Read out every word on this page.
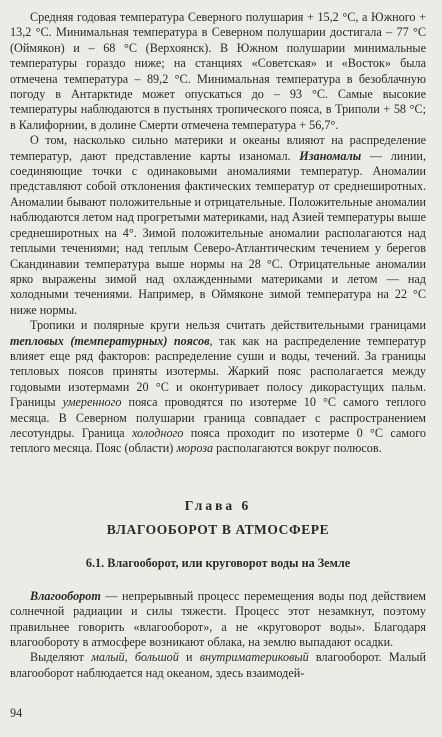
Средняя годовая температура Северного полушария + 15,2 °С, а Южного + 13,2 °С. Минимальная температура в Северном полушарии достигала – 77 °С (Оймякон) и – 68 °С (Верхоянск). В Южном полушарии минимальные температуры гораздо ниже; на станциях «Советская» и «Восток» была отмечена температура – 89,2 °С. Минимальная температура в безоблачную погоду в Антарктиде может опускаться до – 93 °С. Самые высокие температуры наблюдаются в пустынях тропического пояса, в Триполи + 58 °С; в Калифорнии, в долине Смерти отмечена температура + 56,7°.

О том, насколько сильно материки и океаны влияют на распределение температур, дают представление карты изаномал. Изаномалы — линии, соединяющие точки с одинаковыми аномалиями температур. Аномалии представляют собой отклонения фактических температур от среднеширотных. Аномалии бывают положительные и отрицательные. Положительные аномалии наблюдаются летом над прогретыми материками, над Азией температуры выше среднеширотных на 4°. Зимой положительные аномалии располагаются над теплыми течениями; над теплым Северо-Атлантическим течением у берегов Скандинавии температура выше нормы на 28 °С. Отрицательные аномалии ярко выражены зимой над охлажденными материками и летом — над холодными течениями. Например, в Оймяконе зимой температура на 22 °С ниже нормы.

Тропики и полярные круги нельзя считать действительными границами тепловых (температурных) поясов, так как на распределение температур влияет еще ряд факторов: распределение суши и воды, течений. За границы тепловых поясов приняты изотермы. Жаркий пояс располагается между годовыми изотермами 20 °С и оконтуривает полосу дикорастущих пальм. Границы умеренного пояса проводятся по изотерме 10 °С самого теплого месяца. В Северном полушарии граница совпадает с распространением лесотундры. Граница холодного пояса проходит по изотерме 0 °С самого теплого месяца. Пояс (области) мороза располагаются вокруг полюсов.

Глава 6
ВЛАГООБОРОТ В АТМОСФЕРЕ
6.1. Влагооборот, или круговорот воды на Земле

Влагооборот — непрерывный процесс перемещения воды под действием солнечной радиации и силы тяжести. Процесс этот незамкнут, поэтому правильнее говорить «влагооборот», а не «круговорот воды». Благодаря влагообороту в атмосфере возникают облака, на землю выпадают осадки.

Выделяют малый, большой и внутриматериковый влагооборот. Малый влагооборот наблюдается над океаном, здесь взаимодей-

94
